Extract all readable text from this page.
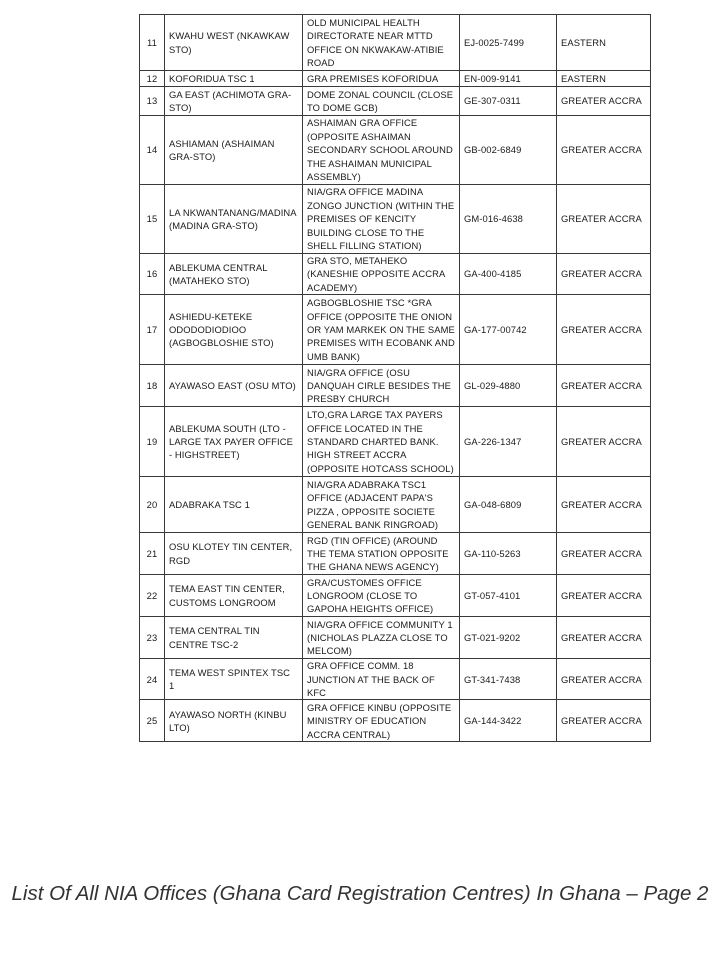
11	KWAHU WEST (NKAWKAW STO)	OLD MUNICIPAL HEALTH DIRECTORATE NEAR MTTD OFFICE ON NKWAKAW-ATIBIE ROAD	EJ-0025-7499	EASTERN
12	KOFORIDUA TSC 1	GRA PREMISES KOFORIDUA	EN-009-9141	EASTERN
13	GA EAST (ACHIMOTA GRA-STO)	DOME ZONAL COUNCIL (CLOSE TO DOME GCB)	GE-307-0311	GREATER ACCRA
14	ASHIAMAN (ASHAIMAN GRA-STO)	ASHAIMAN GRA OFFICE (OPPOSITE ASHAIMAN SECONDARY SCHOOL AROUND THE ASHAIMAN MUNICIPAL ASSEMBLY)	GB-002-6849	GREATER ACCRA
15	LA NKWANTANANG/MADINA (MADINA GRA-STO)	NIA/GRA OFFICE MADINA ZONGO JUNCTION (WITHIN THE PREMISES OF KENCITY BUILDING CLOSE TO THE SHELL FILLING STATION)	GM-016-4638	GREATER ACCRA
16	ABLEKUMA CENTRAL (MATAHEKO STO)	GRA STO, METAHEKO (KANESHIE OPPOSITE ACCRA ACADEMY)	GA-400-4185	GREATER ACCRA
17	ASHIEDU-KETEKE ODODODIODIOO (AGBOGBLOSHIE STO)	AGBOGBLOSHIE TSC *GRA OFFICE (OPPOSITE THE ONION OR YAM MARKEK ON THE SAME PREMISES WITH ECOBANK AND UMB BANK)	GA-177-00742	GREATER ACCRA
18	AYAWASO EAST (OSU MTO)	NIA/GRA OFFICE (OSU DANQUAH CIRLE BESIDES THE PRESBY CHURCH	GL-029-4880	GREATER ACCRA
19	ABLEKUMA SOUTH (LTO - LARGE TAX PAYER OFFICE - HIGHSTREET)	LTO,GRA LARGE TAX PAYERS OFFICE LOCATED IN THE STANDARD CHARTED BANK. HIGH STREET ACCRA (OPPOSITE HOTCASS SCHOOL)	GA-226-1347	GREATER ACCRA
20	ADABRAKA TSC 1	NIA/GRA ADABRAKA TSC1 OFFICE (ADJACENT PAPA'S PIZZA , OPPOSITE SOCIETE GENERAL BANK RINGROAD)	GA-048-6809	GREATER ACCRA
21	OSU KLOTEY TIN CENTER, RGD	RGD (TIN OFFICE) (AROUND THE TEMA STATION OPPOSITE THE GHANA NEWS AGENCY)	GA-110-5263	GREATER ACCRA
22	TEMA EAST TIN CENTER, CUSTOMS LONGROOM	GRA/CUSTOMES OFFICE LONGROOM (CLOSE TO GAPOHA HEIGHTS OFFICE)	GT-057-4101	GREATER ACCRA
23	TEMA CENTRAL TIN CENTRE TSC-2	NIA/GRA OFFICE COMMUNITY 1 (NICHOLAS PLAZZA CLOSE TO MELCOM)	GT-021-9202	GREATER ACCRA
24	TEMA WEST SPINTEX TSC 1	GRA OFFICE COMM. 18 JUNCTION AT THE BACK OF KFC	GT-341-7438	GREATER ACCRA
25	AYAWASO NORTH (KINBU LTO)	GRA OFFICE KINBU (OPPOSITE MINISTRY OF EDUCATION ACCRA CENTRAL)	GA-144-3422	GREATER ACCRA
List Of All NIA Offices (Ghana Card Registration Centres) In Ghana – Page 2
